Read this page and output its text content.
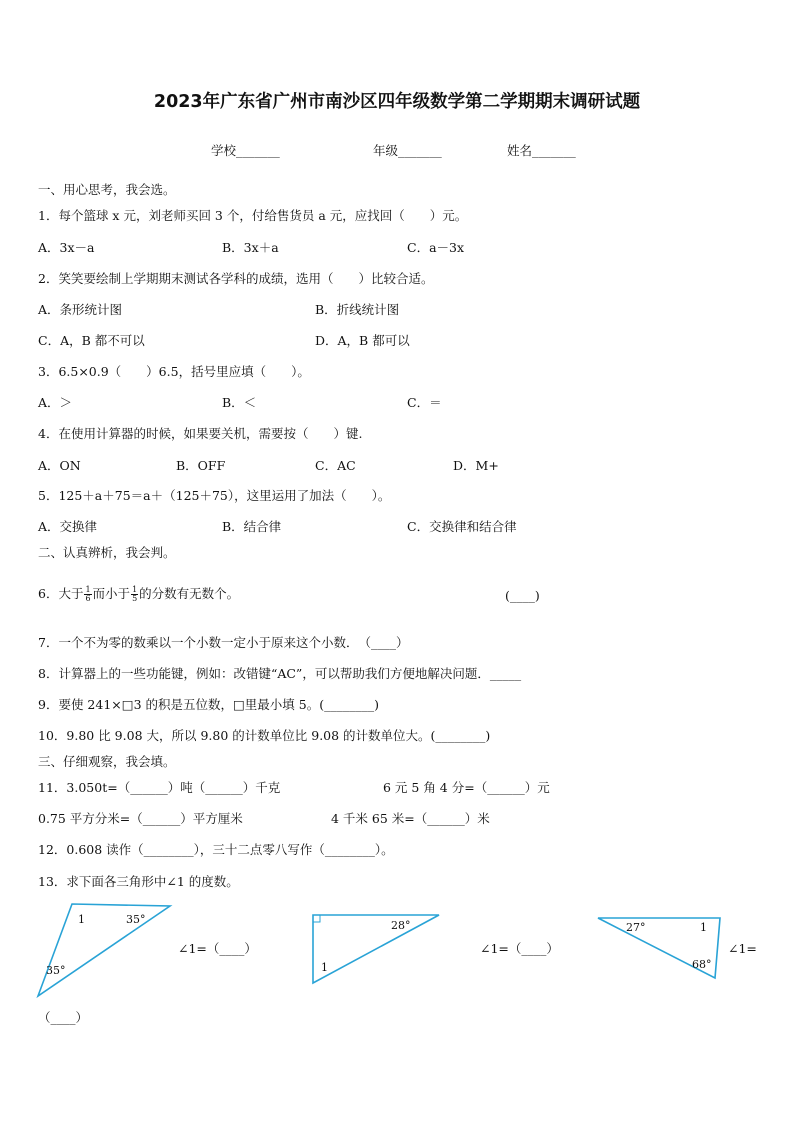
2023年广东省广州市南沙区四年级数学第二学期期末调研试题
学校_______	年级_______	姓名_______
一、用心思考，我会选。
1．每个篮球 x 元，刘老师买回 3 个，付给售货员 a 元，应找回（　　）元。
A．3x－a	B．3x＋a	C．a－3x
2．笑笑要绘制上学期期末测试各学科的成绩，选用（　　）比较合适。
A．条形统计图	B．折线统计图
C．A，B 都不可以	D．A，B 都可以
3．6.5×0.9（　　）6.5，括号里应填（　　）。
A．＞	B．＜	C．＝
4．在使用计算器的时候，如果要关机，需要按（　　）键.
A．ON	B．OFF	C．AC	D．M+
5．125＋a＋75＝a＋（125＋75），这里运用了加法（　　）。
A．交换律	B．结合律	C．交换律和结合律
二、认真辨析，我会判。
6．大于 $\frac{1}{6}$ 而小于 $\frac{1}{5}$ 的分数有无数个。	(____)
7．一个不为零的数乘以一个小数一定小于原来这个小数．　（____）
8．计算器上的一些功能键，例如：改错键“AC”，可以帮助我们方便地解决问题．_____
9．要使 241×□3 的积是五位数，□里最小填 5。(________)
10．9.80 比 9.08 大，所以 9.80 的计数单位比 9.08 的计数单位大。(________)
三、仔细观察，我会填。
11．3.050t=（______）吨（______）千克	6 元 5 角 4 分=（______）元
0.75 平方分米=（______）平方厘米	4 千米 65 米=（______）米
12．0.608 读作（________），三十二点零八写作（________）。
13．求下面各三角形中∠1 的度数。
1	35°
35°
∠1=（____）
28°
1
∠1=（____）
27°	1
68°
∠1=
（____）
